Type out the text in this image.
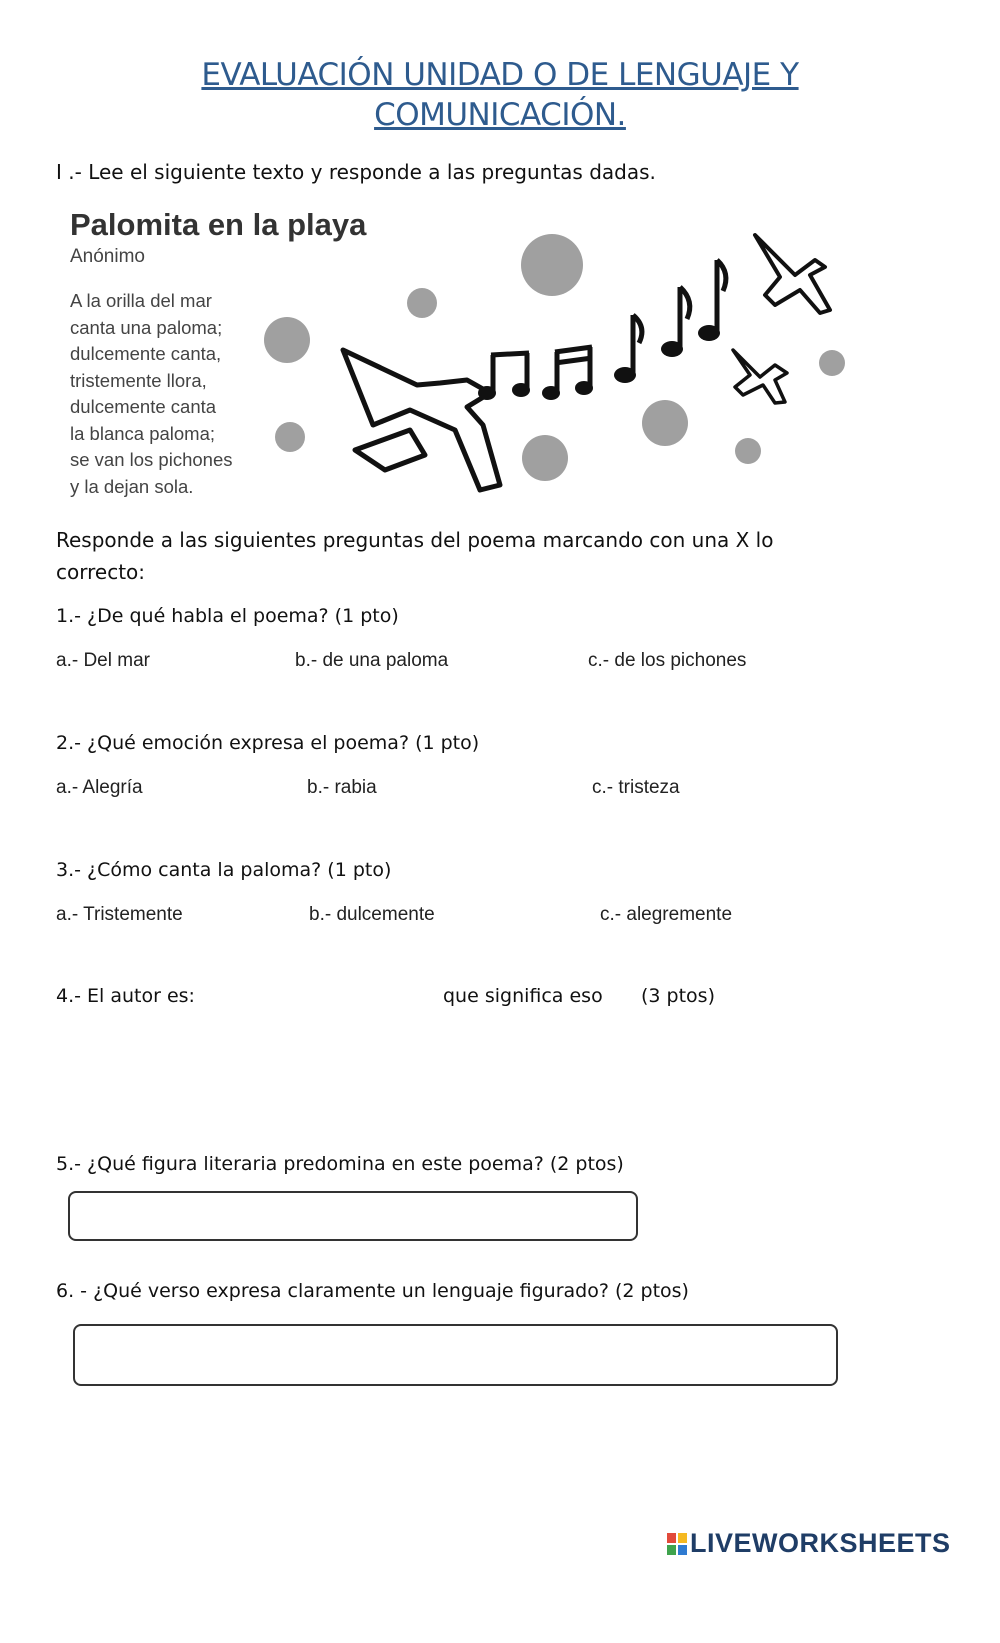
EVALUACIÓN UNIDAD O DE LENGUAJE Y
COMUNICACIÓN.
I .- Lee el siguiente texto y responde a las preguntas dadas.
Palomita en la playa
Anónimo
A la orilla del mar
canta una paloma;
dulcemente canta,
tristemente llora,
dulcemente canta
la blanca paloma;
se van los pichones
y la dejan sola.
Responde a las siguientes preguntas del poema marcando con una X lo
correcto:
1.- ¿De qué habla el poema? (1 pto)
a.- Del mar	b.- de una paloma	c.- de los pichones
2.- ¿Qué emoción expresa el poema? (1 pto)
a.- Alegría	b.- rabia	c.- tristeza
3.- ¿Cómo canta la paloma? (1 pto)
a.- Tristemente	b.- dulcemente	c.- alegremente
4.- El autor es:	que significa eso (3 ptos)
5.- ¿Qué figura literaria predomina en este poema? (2 ptos)
6. - ¿Qué verso expresa claramente un lenguaje figurado? (2 ptos)
LIVEWORKSHEETS
